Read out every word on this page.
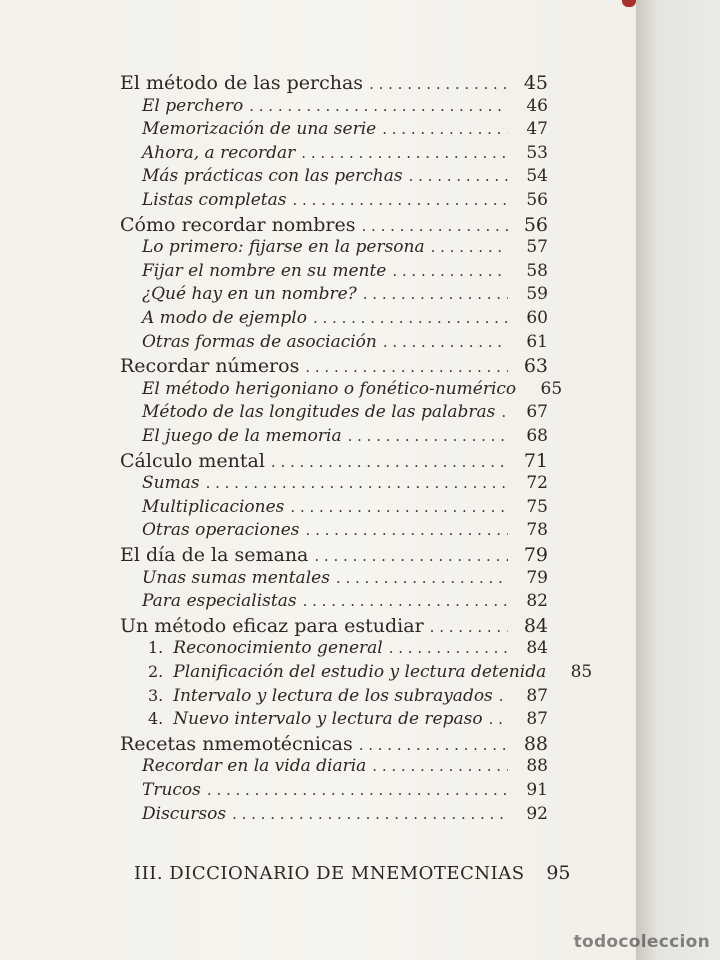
El método de las perchas . . .	45
El perchero . . .	46
Memorización de una serie . . .	47
Ahora, a recordar . . .	53
Más prácticas con las perchas . . .	54
Listas completas . . .	56
Cómo recordar nombres . . .	56
Lo primero: fijarse en la persona . . .	57
Fijar el nombre en su mente . . .	58
¿Qué hay en un nombre? . . .	59
A modo de ejemplo . . .	60
Otras formas de asociación . . .	61
Recordar números . . .	63
El método herigoniano o fonético-numérico	65
Método de las longitudes de las palabras . . .	67
El juego de la memoria . . .	68
Cálculo mental . . .	71
Sumas . . .	72
Multiplicaciones . . .	75
Otras operaciones . . .	78
El día de la semana . . .	79
Unas sumas mentales . . .	79
Para especialistas . . .	82
Un método eficaz para estudiar . . .	84
1. Reconocimiento general . . .	84
2. Planificación del estudio y lectura detenida	85
3. Intervalo y lectura de los subrayados . . .	87
4. Nuevo intervalo y lectura de repaso . . .	87
Recetas nmemotécnicas . . .	88
Recordar en la vida diaria . . .	88
Trucos . . .	91
Discursos . . .	92
III. DICCIONARIO DE MNEMOTECNIAS	95
todocoleccion
